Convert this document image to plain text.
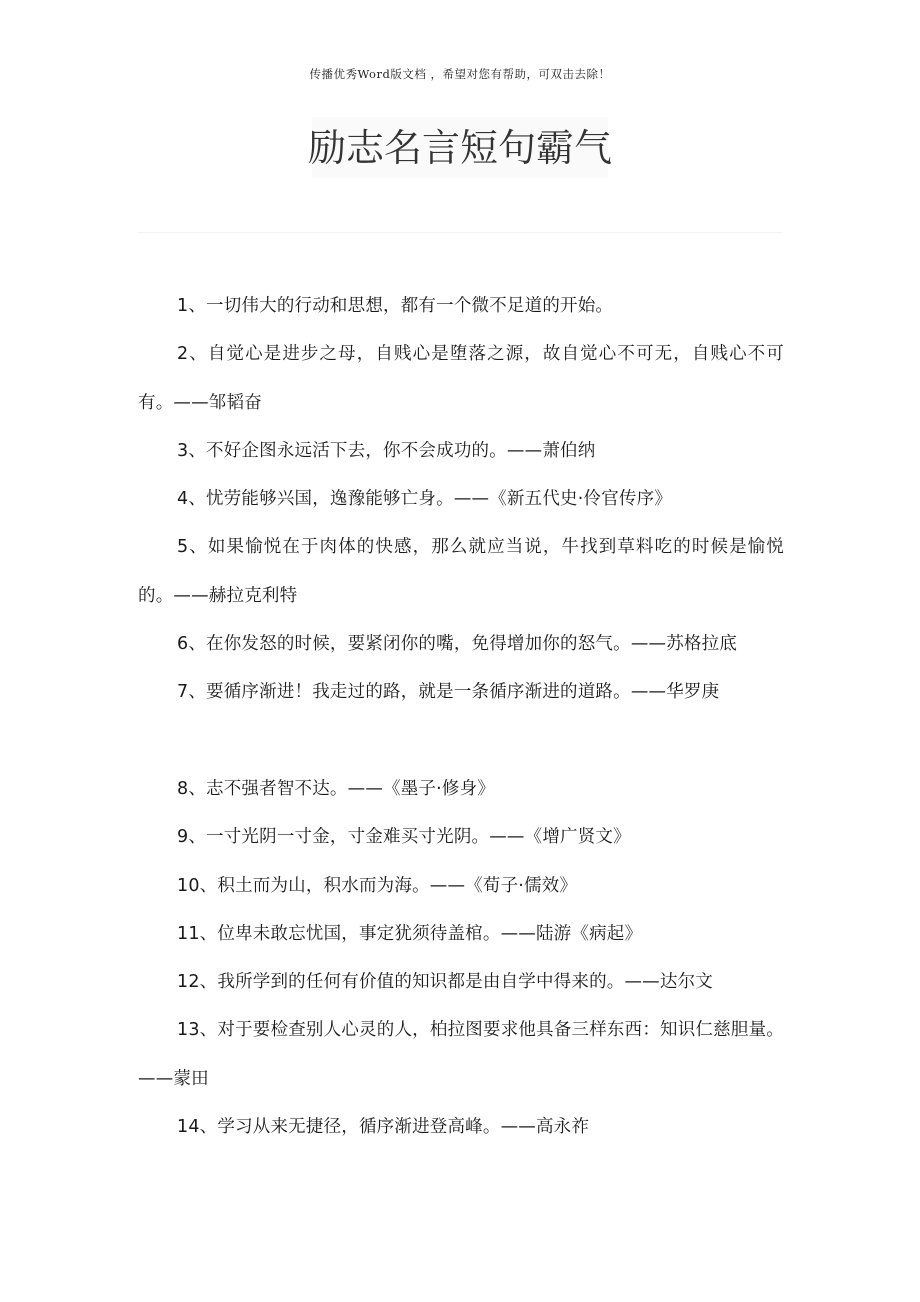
传播优秀Word版文档 ，希望对您有帮助，可双击去除！
励志名言短句霸气

1、一切伟大的行动和思想，都有一个微不足道的开始。

2、自觉心是进步之母，自贱心是堕落之源，故自觉心不可无，自贱心不可有。——邹韬奋

3、不好企图永远活下去，你不会成功的。——萧伯纳

4、忧劳能够兴国，逸豫能够亡身。——《新五代史·伶官传序》

5、如果愉悦在于肉体的快感，那么就应当说，牛找到草料吃的时候是愉悦的。——赫拉克利特

6、在你发怒的时候，要紧闭你的嘴，免得增加你的怒气。——苏格拉底

7、要循序渐进！我走过的路，就是一条循序渐进的道路。——华罗庚

8、志不强者智不达。——《墨子·修身》

9、一寸光阴一寸金，寸金难买寸光阴。——《增广贤文》

10、积土而为山，积水而为海。——《荀子·儒效》

11、位卑未敢忘忧国，事定犹须待盖棺。——陆游《病起》

12、我所学到的任何有价值的知识都是由自学中得来的。——达尔文

13、对于要检查别人心灵的人，柏拉图要求他具备三样东西：知识仁慈胆量。——蒙田

14、学习从来无捷径，循序渐进登高峰。——高永祚
